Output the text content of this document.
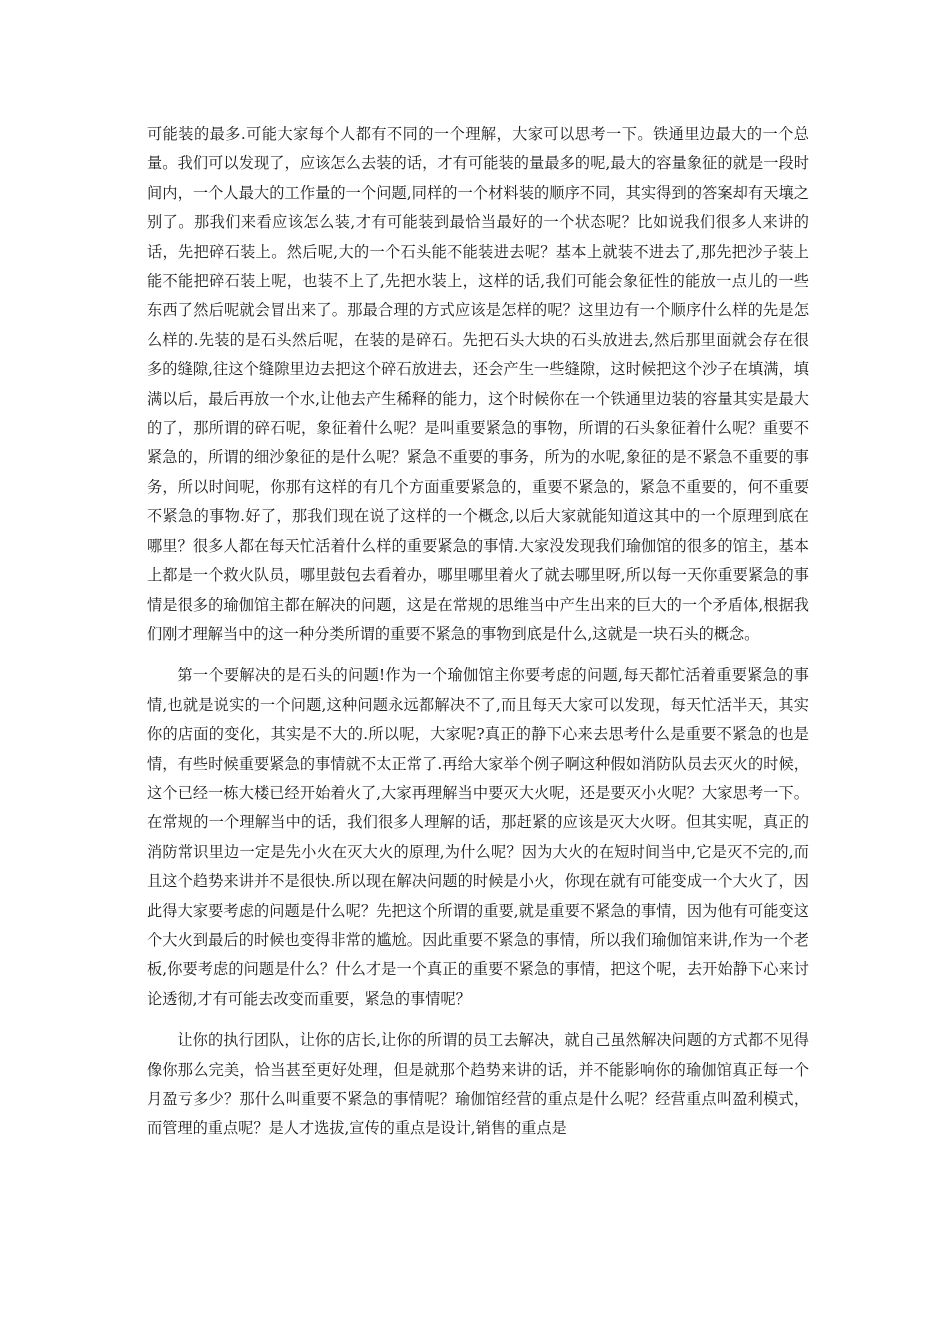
可能装的最多.可能大家每个人都有不同的一个理解，大家可以思考一下。铁通里边最大的一个总量。我们可以发现了，应该怎么去装的话，才有可能装的量最多的呢,最大的容量象征的就是一段时间内，一个人最大的工作量的一个问题,同样的一个材料装的顺序不同，其实得到的答案却有天壤之别了。那我们来看应该怎么装,才有可能装到最恰当最好的一个状态呢？比如说我们很多人来讲的话，先把碎石装上。然后呢,大的一个石头能不能装进去呢？基本上就装不进去了,那先把沙子装上能不能把碎石装上呢，也装不上了,先把水装上，这样的话,我们可能会象征性的能放一点儿的一些东西了然后呢就会冒出来了。那最合理的方式应该是怎样的呢？这里边有一个顺序什么样的先是怎么样的.先装的是石头然后呢，在装的是碎石。先把石头大块的石头放进去,然后那里面就会存在很多的缝隙,往这个缝隙里边去把这个碎石放进去，还会产生一些缝隙，这时候把这个沙子在填满，填满以后，最后再放一个水,让他去产生稀释的能力，这个时候你在一个铁通里边装的容量其实是最大的了，那所谓的碎石呢，象征着什么呢？是叫重要紧急的事物，所谓的石头象征着什么呢？重要不紧急的，所谓的细沙象征的是什么呢？紧急不重要的事务，所为的水呢,象征的是不紧急不重要的事务，所以时间呢，你那有这样的有几个方面重要紧急的，重要不紧急的，紧急不重要的，何不重要不紧急的事物.好了，那我们现在说了这样的一个概念,以后大家就能知道这其中的一个原理到底在哪里？很多人都在每天忙活着什么样的重要紧急的事情.大家没发现我们瑜伽馆的很多的馆主，基本上都是一个救火队员，哪里鼓包去看着办，哪里哪里着火了就去哪里呀,所以每一天你重要紧急的事情是很多的瑜伽馆主都在解决的问题，这是在常规的思维当中产生出来的巨大的一个矛盾体,根据我们刚才理解当中的这一种分类所谓的重要不紧急的事物到底是什么,这就是一块石头的概念。

第一个要解决的是石头的问题!作为一个瑜伽馆主你要考虑的问题,每天都忙活着重要紧急的事情,也就是说实的一个问题,这种问题永远都解决不了,而且每天大家可以发现，每天忙活半天，其实你的店面的变化，其实是不大的.所以呢，大家呢?真正的静下心来去思考什么是重要不紧急的也是情，有些时候重要紧急的事情就不太正常了.再给大家举个例子啊这种假如消防队员去灭火的时候，这个已经一栋大楼已经开始着火了,大家再理解当中要灭大火呢，还是要灭小火呢？大家思考一下。在常规的一个理解当中的话，我们很多人理解的话，那赶紧的应该是灭大火呀。但其实呢，真正的消防常识里边一定是先小火在灭大火的原理,为什么呢？因为大火的在短时间当中,它是灭不完的,而且这个趋势来讲并不是很快.所以现在解决问题的时候是小火，你现在就有可能变成一个大火了，因此得大家要考虑的问题是什么呢？先把这个所谓的重要,就是重要不紧急的事情，因为他有可能变这个大火到最后的时候也变得非常的尴尬。因此重要不紧急的事情，所以我们瑜伽馆来讲,作为一个老板,你要考虑的问题是什么？什么才是一个真正的重要不紧急的事情，把这个呢，去开始静下心来讨论透彻,才有可能去改变而重要，紧急的事情呢？

让你的执行团队，让你的店长,让你的所谓的员工去解决，就自己虽然解决问题的方式都不见得像你那么完美，恰当甚至更好处理，但是就那个趋势来讲的话，并不能影响你的瑜伽馆真正每一个月盈亏多少？那什么叫重要不紧急的事情呢？瑜伽馆经营的重点是什么呢？经营重点叫盈利模式，而管理的重点呢？是人才选拔,宣传的重点是设计,销售的重点是
